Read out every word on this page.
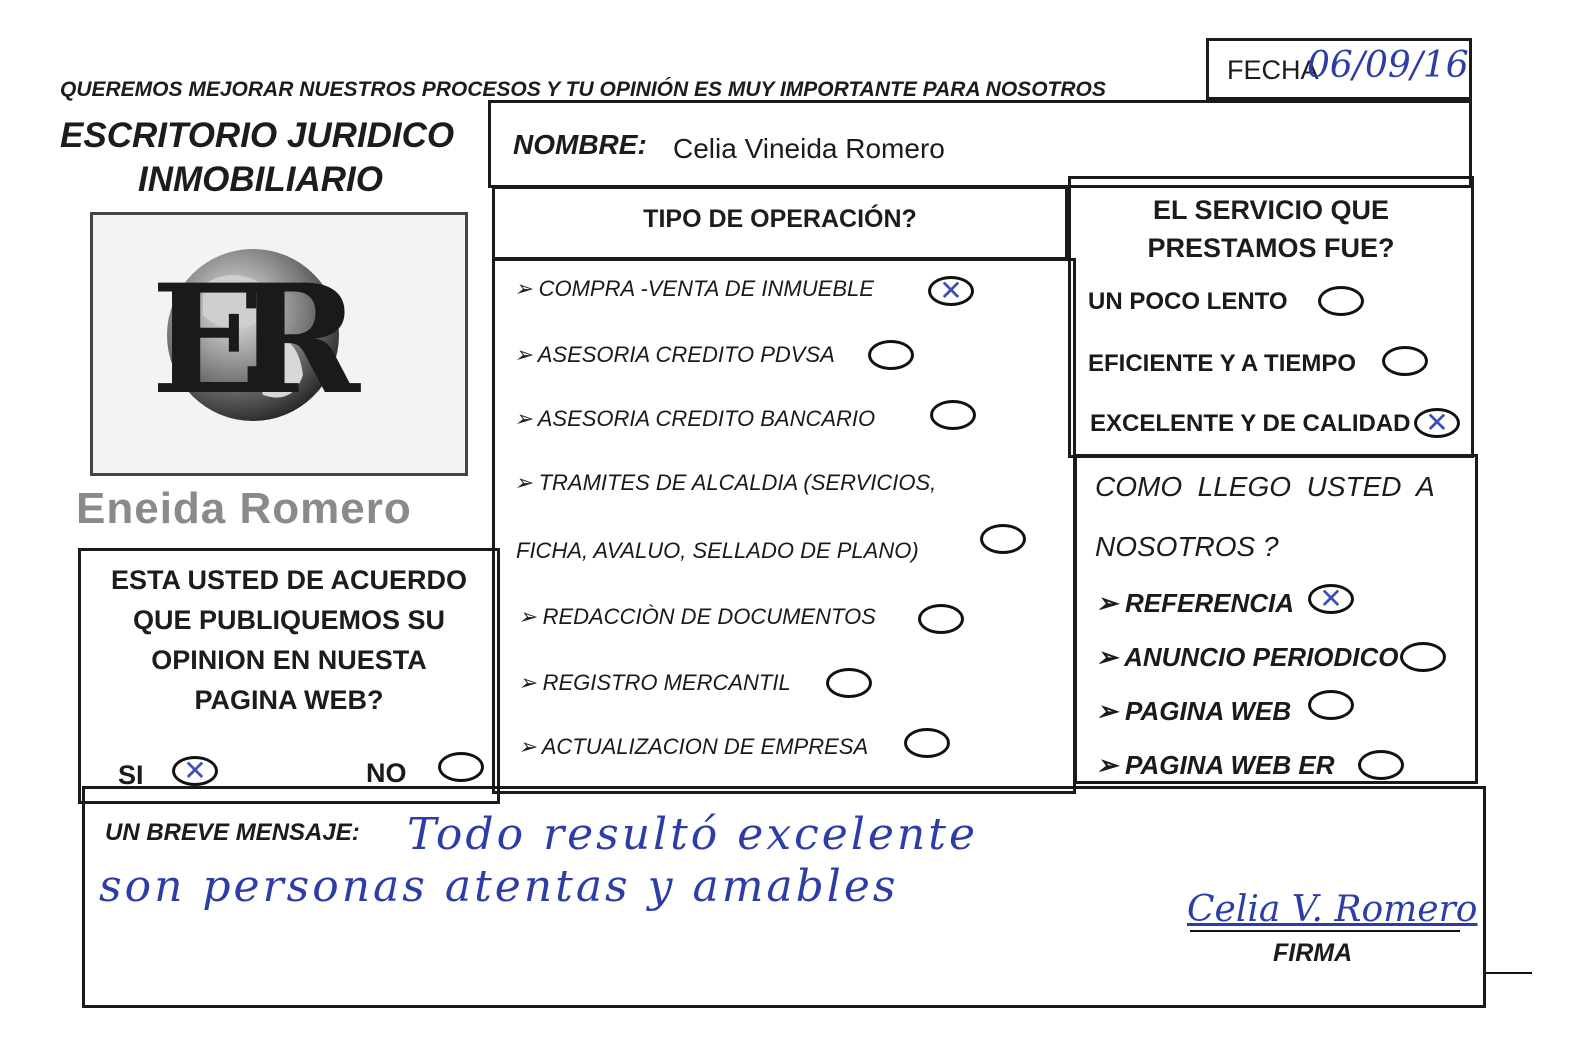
QUEREMOS MEJORAR NUESTROS PROCESOS Y TU OPINIÓN ES MUY IMPORTANTE PARA NOSOTROS
FECHA
06/09/16
ESCRITORIO JURIDICO
INMOBILIARIO
ER
Eneida Romero
NOMBRE: Celia Vineida Romero
TIPO DE OPERACIÓN?
➢ COMPRA -VENTA DE INMUEBLE ✕
➢ ASESORIA CREDITO PDVSA
➢ ASESORIA CREDITO BANCARIO
➢ TRAMITES DE ALCALDIA (SERVICIOS,
FICHA, AVALUO, SELLADO DE PLANO)
➢ REDACCIÒN DE DOCUMENTOS
➢ REGISTRO MERCANTIL
➢ ACTUALIZACION DE EMPRESA
EL SERVICIO QUE
PRESTAMOS FUE?
UN POCO LENTO
EFICIENTE Y A TIEMPO
EXCELENTE Y DE CALIDAD ✕
COMO  LLEGO  USTED  A
NOSOTROS ?
➢ REFERENCIA ✕
➢ ANUNCIO PERIODICO
➢ PAGINA WEB
➢ PAGINA WEB ER
ESTA USTED DE ACUERDO
QUE PUBLIQUEMOS SU
OPINION EN NUESTA
PAGINA WEB?
SI ✕	NO
UN BREVE MENSAJE: Todo resultó excelente
son personas atentas y amables	Celia V. Romero
FIRMA
